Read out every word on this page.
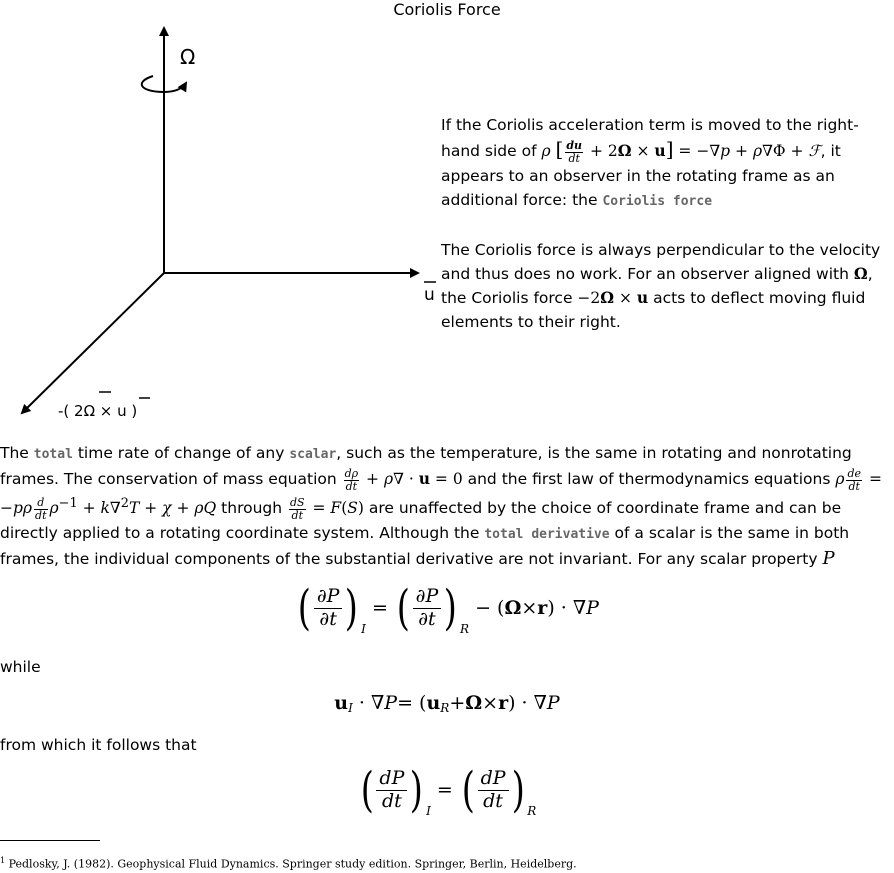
Coriolis Force
Ω
u
-( 2Ω × u )

If the Coriolis acceleration term is moved to the right-hand side of ρ [ $\frac{du}{dt} + 2\Omega \times u] = -\nabla p + \rho\nabla\Phi$ + ℱ, it appears to an observer in the rotating frame as an additional force: the Coriolis force

The Coriolis force is always perpendicular to the velocity and thus does no work. For an observer aligned with Ω, the Coriolis force −2Ω × u acts to deflect moving fluid elements to their right.

The total time rate of change of any scalar, such as the temperature, is the same in rotating and nonrotating frames. The conservation of mass equation $\frac{d\rho}{dt} + \rho\nabla \cdot u = 0$ and the first law of thermodynamics equations ρ $\frac{de}{dt} = -p\rho \frac{d}{dt} \rho^{-1} + k\nabla^2T + \chi + \rho Q$ through $\frac{dS}{dt} = F(S)$ are unaffected by the choice of coordinate frame and can be directly applied to a rotating coordinate system. Although the total derivative of a scalar is the same in both frames, the individual components of the substantial derivative are not invariant. For any scalar property P
( ∂P
∂t ) I
= ( ∂P
∂t ) R
− ( Ω × r ) · ∇ P
while
u I · ∇ P = ( u R + Ω × r ) · ∇ P
from which it follows that
( dP
dt ) I
= ( dP
dt ) R
$^1$ Pedlosky, J. (1982). Geophysical Fluid Dynamics. Springer study edition. Springer, Berlin, Heidelberg.
